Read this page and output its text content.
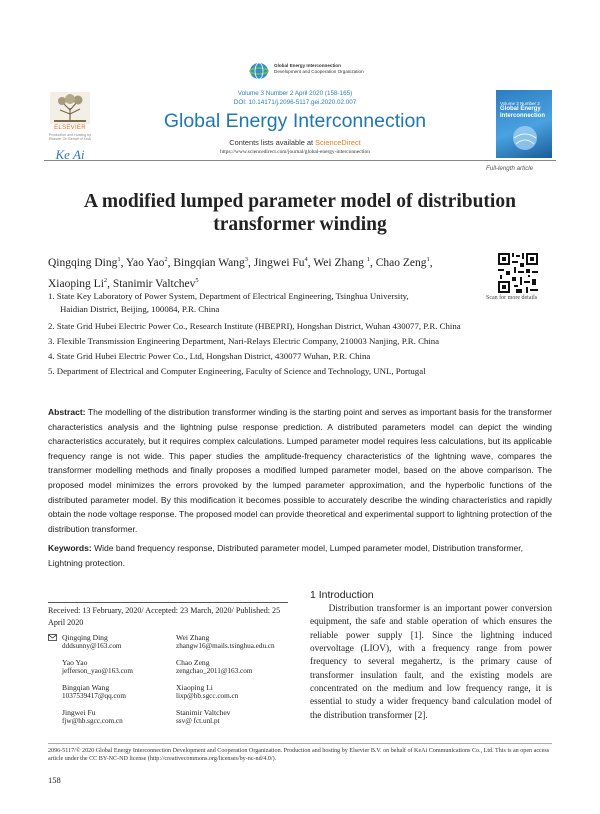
Global Energy Interconnection
Development and Cooperation Organization
ELSEVIER
Production and Hosting by Elsevier On Behalf of KeAi
Ke Ai
Volume 3 Number 2 April 2020 (158-165)
DOI: 10.14171/j.2096-5117.gei.2020.02.007
Global Energy Interconnection
Contents lists available at ScienceDirect
https://www.sciencedirect.com/journal/global-energy-interconnection
Volume 3 Number 2
Global Energy Interconnection
Full-length article
A modified lumped parameter model of distribution
transformer winding
Qingqing Ding$^1$, Yao Yao$^2$, Bingqian Wang$^3$, Jingwei Fu$^4$, Wei Zhang $^1$, Chao Zeng$^1$,
Xiaoping Li$^2$, Stanimir Valtchev$^5$
Scan for more details
1. State Key Laboratory of Power System, Department of Electrical Engineering, Tsinghua University,
Haidian District, Beijing, 100084, P.R. China
2. State Grid Hubei Electric Power Co., Research Institute (HBEPRI), Hongshan District, Wuhan 430077, P.R. China
3. Flexible Transmission Engineering Department, Nari-Relays Electric Company, 210003 Nanjing, P.R. China
4. State Grid Hubei Electric Power Co., Ltd, Hongshan District, 430077 Wuhan, P.R. China
5. Department of Electrical and Computer Engineering, Faculty of Science and Technology, UNL, Portugal
Abstract: The modelling of the distribution transformer winding is the starting point and serves as important basis for the transformer characteristics analysis and the lightning pulse response prediction. A distributed parameters model can depict the winding characteristics accurately, but it requires complex calculations. Lumped parameter model requires less calculations, but its applicable frequency range is not wide. This paper studies the amplitude-frequency characteristics of the lightning wave, compares the transformer modelling methods and finally proposes a modified lumped parameter model, based on the above comparison. The proposed model minimizes the errors provoked by the lumped parameter approximation, and the hyperbolic functions of the distributed parameter model. By this modification it becomes possible to accurately describe the winding characteristics and rapidly obtain the node voltage response. The proposed model can provide theoretical and experimental support to lightning protection of the distribution transformer.
Keywords: Wide band frequency response, Distributed parameter model, Lumped parameter model, Distribution transformer, Lightning protection.
Received: 13 February, 2020/ Accepted: 23 March, 2020/ Published: 25 April 2020
Qingqing Ding
dddsunny@163.com
Wei Zhang
zhangw16@mails.tsinghua.edu.cn
Yao Yao
jefferson_yao@163.com
Chao Zeng
zengchao_2011@163.com
Bingqian Wang
1037539417@qq.com
Xiaoping Li
lixp@hb.sgcc.com.cn
Jingwei Fu
fjw@hb.sgcc.com.cn
Stanimir Valtchev
ssv@ fct.unl.pt
1 Introduction
Distribution transformer is an important power conversion equipment, the safe and stable operation of which ensures the reliable power supply [1]. Since the lightning induced overvoltage (LIOV), with a frequency range from power frequency to several megahertz, is the primary cause of transformer insulation fault, and the existing models are concentrated on the medium and low frequency range, it is essential to study a wider frequency band calculation model of the distribution transformer [2].
2096-5117/© 2020 Global Energy Interconnection Development and Cooperation Organization. Production and hosting by Elsevier B.V. on behalf of KeAi Communications Co., Ltd. This is an open access article under the CC BY-NC-ND license (http://creativecommons.org/licenses/by-nc-nd/4.0/).
158
